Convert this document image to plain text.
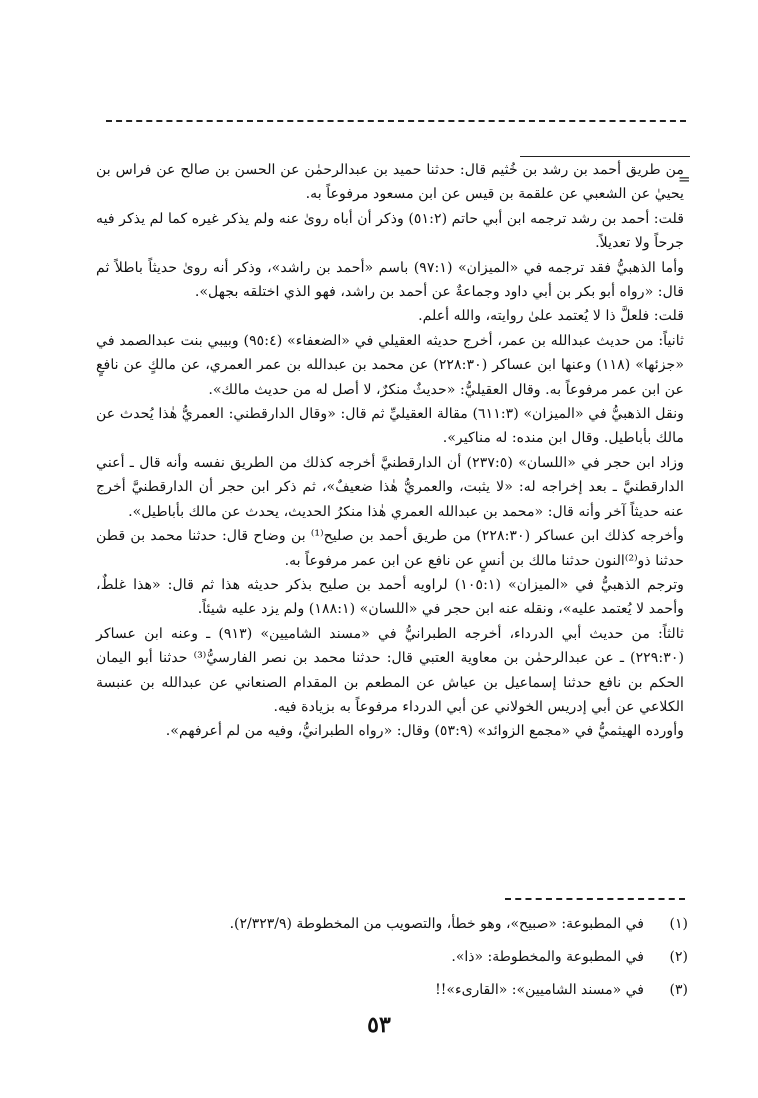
=

من طريق أحمد بن رشد بن خُثيم قال: حدثنا حميد بن عبدالرحمٰن عن الحسن بن صالح عن فراس بن يحييٰ عن الشعبي عن علقمة بن قيس عن ابن مسعود مرفوعاً به.

قلت: أحمد بن رشد ترجمه ابن أبي حاتم (٥١:٢) وذكر أن أباه روىٰ عنه ولم يذكر غيره كما لم يذكر فيه جرحاً ولا تعديلاً.

وأما الذهبيُّ فقد ترجمه في «الميزان» (٩٧:١) باسم «أحمد بن راشد»، وذكر أنه روىٰ حديثاً باطلاً ثم قال: «رواه أبو بكر بن أبي داود وجماعةٌ عن أحمد بن راشد، فهو الذي اختلقه بجهل».

قلت: فلعلَّ ذا لا يُعتمد علىٰ روايته، والله أعلم.

ثانياً: من حديث عبدالله بن عمر، أخرج حديثه العقيلي في «الضعفاء» (٩٥:٤) وبيبي بنت عبدالصمد في «جزئها» (١١٨) وعنها ابن عساكر (٢٢٨:٣٠) عن محمد بن عبدالله بن عمر العمري، عن مالكٍ عن نافعٍ عن ابن عمر مرفوعاً به. وقال العقيليُّ: «حديثٌ منكرٌ، لا أصل له من حديث مالك».

ونقل الذهبيُّ في «الميزان» (٦١١:٣) مقالة العقيليِّ ثم قال: «وقال الدارقطني: العمريُّ هٰذا يُحدث عن مالك بأباطيل. وقال ابن منده: له مناكير».

وزاد ابن حجر في «اللسان» (٢٣٧:٥) أن الدارقطنيَّ أخرجه كذلك من الطريق نفسه وأنه قال ـ أعني الدارقطنيَّ ـ بعد إخراجه له: «لا يثبت، والعمريُّ هٰذا ضعيفٌ»، ثم ذكر ابن حجر أن الدارقطنيَّ أخرج عنه حديثاً آخر وأنه قال: «محمد بن عبدالله العمري هٰذا منكرُ الحديث، يحدث عن مالك بأباطيل».

وأخرجه كذلك ابن عساكر (٢٢٨:٣٠) من طريق أحمد بن صليح⁽¹⁾ بن وضاح قال: حدثنا محمد بن قطن حدثنا ذو⁽²⁾النون حدثنا مالك بن أنسٍ عن نافع عن ابن عمر مرفوعاً به.

وترجم الذهبيُّ في «الميزان» (١٠٥:١) لراويه أحمد بن صليح بذكر حديثه هذا ثم قال: «هذا غلطٌ، وأحمد لا يُعتمد عليه»، ونقله عنه ابن حجر في «اللسان» (١٨٨:١) ولم يزد عليه شيئاً.

ثالثاً: من حديث أبي الدرداء، أخرجه الطبرانيُّ في «مسند الشاميين» (٩١٣) ـ وعنه ابن عساكر (٢٢٩:٣٠) ـ عن عبدالرحمٰن بن معاوية العتبي قال: حدثنا محمد بن نصر الفارسيُّ⁽³⁾ حدثنا أبو اليمان الحكم بن نافع حدثنا إسماعيل بن عياش عن المطعم بن المقدام الصنعاني عن عبدالله بن عنبسة الكلاعي عن أبي إدريس الخولاني عن أبي الدرداء مرفوعاً به بزيادة فيه.

وأورده الهيثميُّ في «مجمع الزوائد» (٥٣:٩) وقال: «رواه الطبرانيُّ، وفيه من لم أعرفهم».

(١)
في المطبوعة: «صبيح»، وهو خطأ، والتصويب من المخطوطة (٢/٣٢٣/٩).
(٢)
في المطبوعة والمخطوطة: «ذا».
(٣)
في «مسند الشاميين»: «القارىء»!!
٥٣
